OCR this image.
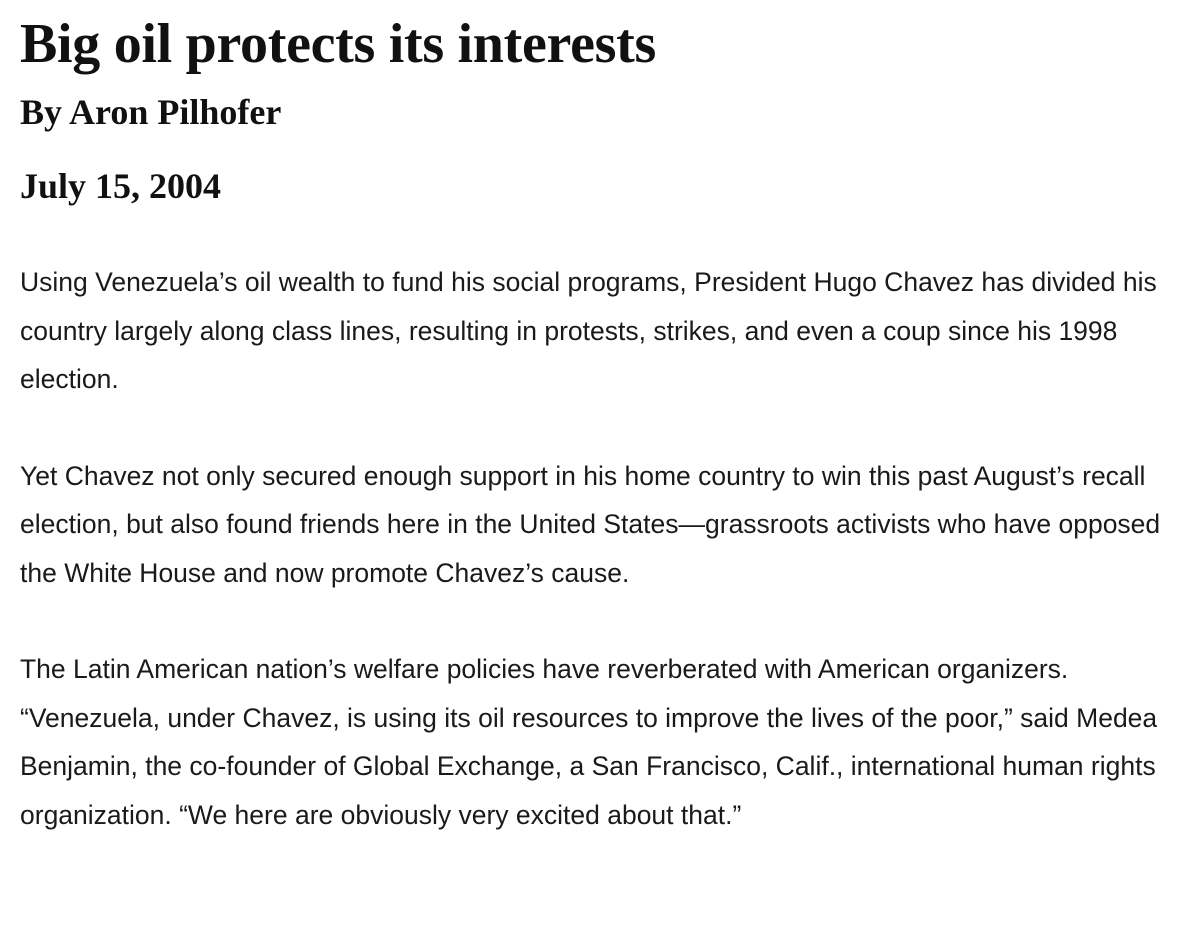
Big oil protects its interests
By Aron Pilhofer
July 15, 2004

Using Venezuela’s oil wealth to fund his social programs, President Hugo Chavez has divided his country largely along class lines, resulting in protests, strikes, and even a coup since his 1998 election.

Yet Chavez not only secured enough support in his home country to win this past August’s recall election, but also found friends here in the United States—grassroots activists who have opposed the White House and now promote Chavez’s cause.

The Latin American nation’s welfare policies have reverberated with American organizers. “Venezuela, under Chavez, is using its oil resources to improve the lives of the poor,” said Medea Benjamin, the co-founder of Global Exchange, a San Francisco, Calif., international human rights organization. “We here are obviously very excited about that.”
